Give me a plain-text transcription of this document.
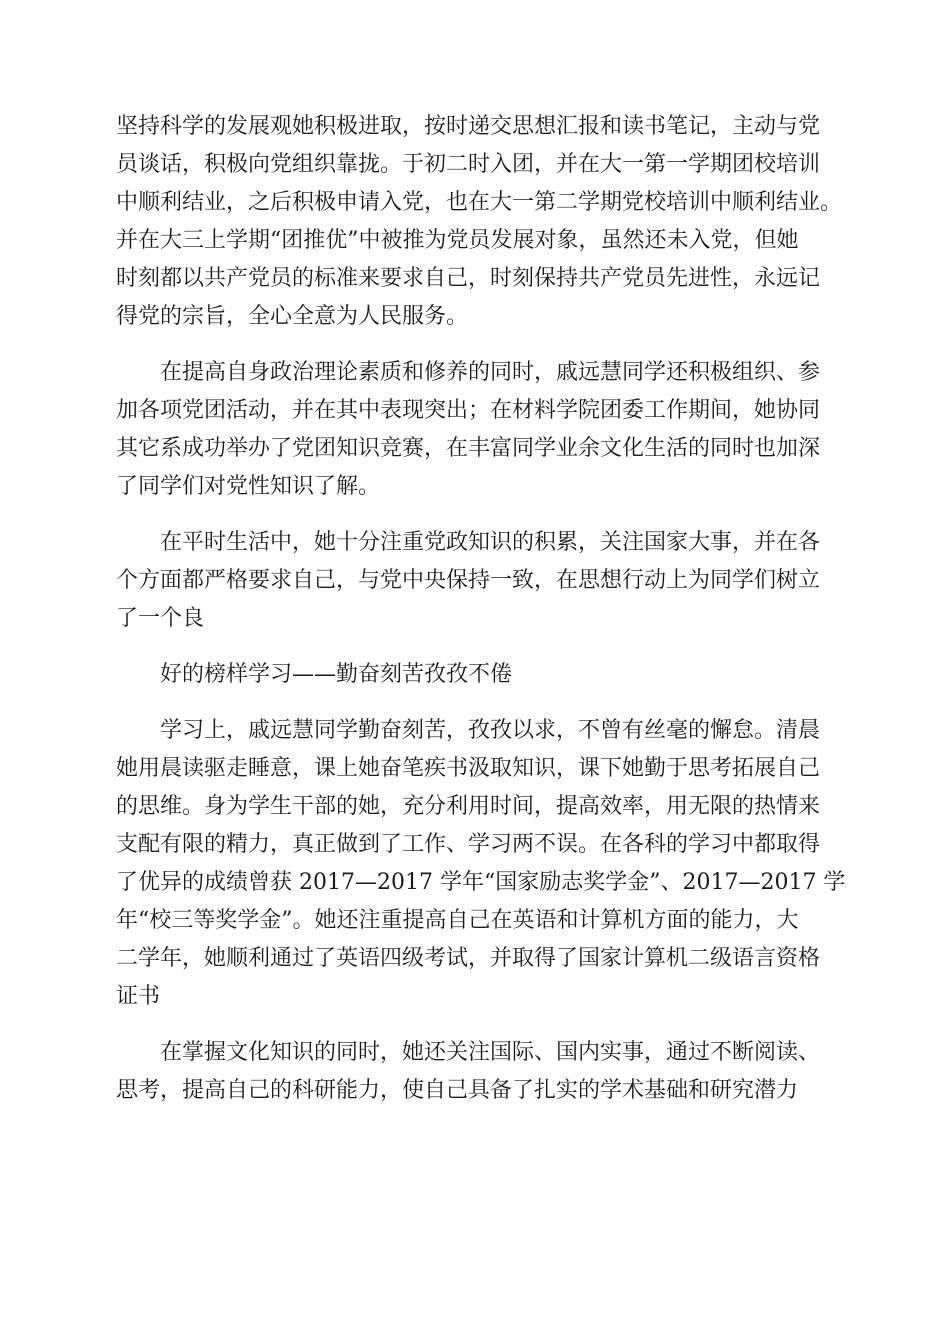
坚持科学的发展观她积极进取，按时递交思想汇报和读书笔记，主动与党
员谈话，积极向党组织靠拢。于初二时入团，并在大一第一学期团校培训
中顺利结业，之后积极申请入党，也在大一第二学期党校培训中顺利结业。
并在大三上学期“团推优”中被推为党员发展对象，虽然还未入党，但她
时刻都以共产党员的标准来要求自己，时刻保持共产党员先进性，永远记
得党的宗旨，全心全意为人民服务。
在提高自身政治理论素质和修养的同时，戚远慧同学还积极组织、参
加各项党团活动，并在其中表现突出；在材料学院团委工作期间，她协同
其它系成功举办了党团知识竞赛，在丰富同学业余文化生活的同时也加深
了同学们对党性知识了解。
在平时生活中，她十分注重党政知识的积累，关注国家大事，并在各
个方面都严格要求自己，与党中央保持一致，在思想行动上为同学们树立
了一个良
好的榜样学习——勤奋刻苦孜孜不倦
学习上，戚远慧同学勤奋刻苦，孜孜以求，不曾有丝毫的懈怠。清晨
她用晨读驱走睡意，课上她奋笔疾书汲取知识，课下她勤于思考拓展自己
的思维。身为学生干部的她，充分利用时间，提高效率，用无限的热情来
支配有限的精力，真正做到了工作、学习两不误。在各科的学习中都取得
了优异的成绩曾获 2017—2017 学年“国家励志奖学金”、2017—2017 学
年“校三等奖学金”。她还注重提高自己在英语和计算机方面的能力，大
二学年，她顺利通过了英语四级考试，并取得了国家计算机二级语言资格
证书
在掌握文化知识的同时，她还关注国际、国内实事，通过不断阅读、
思考，提高自己的科研能力，使自己具备了扎实的学术基础和研究潜力
